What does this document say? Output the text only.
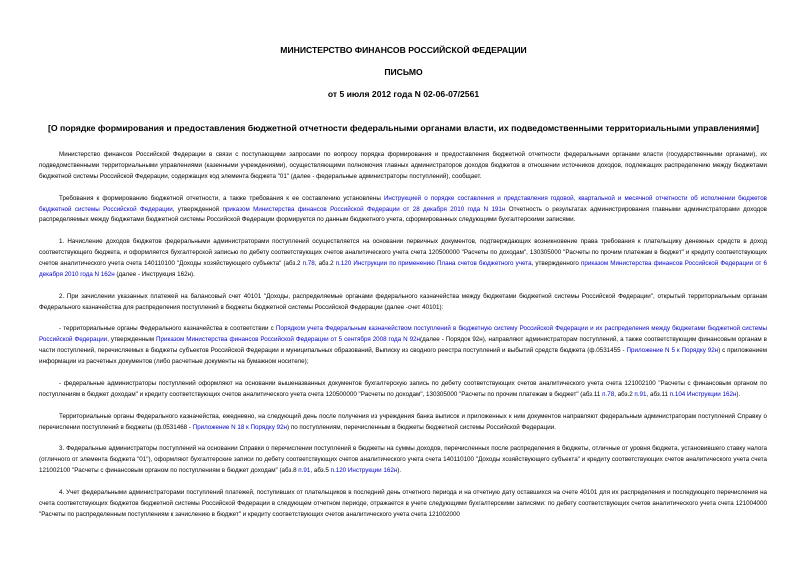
МИНИСТЕРСТВО ФИНАНСОВ РОССИЙСКОЙ ФЕДЕРАЦИИ
ПИСЬМО
от 5 июля 2012 года N 02-06-07/2561
[О порядке формирования и предоставления бюджетной отчетности федеральными органами власти, их подведомственными территориальными управлениями]

Министерство финансов Российской Федерации в связи с поступающими запросами по вопросу порядка формирования и предоставления бюджетной отчетности федеральными органами власти (государственными органами), их подведомственными территориальными управлениями (казенными учреждениями), осуществляющими полномочия главных администраторов доходов бюджетов в отношении источников доходов, подлежащих распределению между бюджетами бюджетной системы Российской Федерации, содержащих код элемента бюджета "01" (далее - федеральные администраторы поступлений), сообщает.

Требования к формированию бюджетной отчетности, а также требования к ее составлению установлены Инструкцией о порядке составления и представления годовой, квартальной и месячной отчетности об исполнении бюджетов бюджетной системы Российской Федерации, утвержденной приказом Министерства финансов Российской Федерации от 28 декабря 2010 года N 191н Отчетность о результатах администрирования главными администраторами доходов распределяемых между бюджетами бюджетной системы Российской Федерации формируется по данным бюджетного учета, сформированных следующими бухгалтерскими записями.

1. Начисление доходов бюджетов федеральными администраторами поступлений осуществляется на основании первичных документов, подтверждающих возникновение права требования к плательщику денежных средств в доход соответствующего бюджета, и оформляется бухгалтерской записью по дебету соответствующих счетов аналитического учета счета 120500000 "Расчеты по доходам", 130305000 "Расчеты по прочим платежам в бюджет" и кредиту соответствующих счетов аналитического учета счета 140110100 "Доходы хозяйствующего субъекта" (абз.2 п.78, абз.2 п.120 Инструкции по применению Плана счетов бюджетного учета, утвержденного приказом Министерства финансов Российской Федерации от 6 декабря 2010 года N 162н (далее - Инструкция 162н).

2. При зачислении указанных платежей на балансовый счет 40101 "Доходы, распределяемые органами федерального казначейства между бюджетами бюджетной системы Российской Федерации", открытый территориальным органам Федерального казначейства для распределения поступлений в бюджеты бюджетной системы Российской Федерации (далее -счет 40101):

- территориальные органы Федерального казначейства в соответствии с Порядком учета Федеральным казначейством поступлений в бюджетную систему Российской Федерации и их распределения между бюджетами бюджетной системы Российской Федерации, утвержденным Приказом Министерства финансов Российской Федерации от 5 сентября 2008 года N 92н(далее - Порядок 92н), направляют администраторам поступлений, а также соответствующим финансовым органам в части поступлений, перечисляемых в бюджеты субъектов Российской Федерации и муниципальных образований, Выписку из сводного реестра поступлений и выбытий средств бюджета (ф.0531455 - Приложение N 5 к Порядку 92н) с приложением информации из расчетных документов (либо расчетные документы на бумажном носителе);

- федеральные администраторы поступлений оформляют на основании вышеназванных документов бухгалтерскую запись по дебету соответствующих счетов аналитического учета счета 121002100 "Расчеты с финансовым органом по поступлениям в бюджет доходам" и кредиту соответствующих счетов аналитического учета счета 120500000 "Расчеты по доходам", 130305000 "Расчеты по прочим платежам в бюджет" (абз.11 п.78, абз.2 п.91, абз.11 п.104 Инструкции 162н).

Территориальные органы Федерального казначейства, ежедневно, на следующий день после получения из учреждения банка выписок и приложенных к ним документов направляют федеральным администраторам поступлений Справку о перечислении поступлений в бюджеты (ф.0531468 - Приложение N 18 к Порядку 92н) по поступлениям, перечисленным в бюджеты бюджетной системы Российской Федерации.

3. Федеральные администраторы поступлений на основании Справки о перечислении поступлений в бюджеты на суммы доходов, перечисленных после распределения в бюджеты, отличные от уровня бюджета, установившего ставку налога (отличного от элемента бюджета "01"), оформляют бухгалтерские записи по дебету соответствующих счетов аналитического учета счета 140110100 "Доходы хозяйствующего субъекта" и кредиту соответствующих счетов аналитического учета счета 121002100 "Расчеты с финансовым органом по поступлениям в бюджет доходам" (абз.8 п.91, абз.5 п.120 Инструкции 162н).

4. Учет федеральными администраторами поступлений платежей, поступивших от плательщиков в последний день отчетного периода и на отчетную дату оставшихся на счете 40101 для их распределения и последующего перечисления на счета соответствующих бюджетов бюджетной системы Российской Федерации в следующем отчетном периоде, отражается в учете следующими бухгалтерскими записями: по дебету соответствующих счетов аналитического учета счета 121004000 "Расчеты по распределенным поступлениям к зачислению в бюджет" и кредиту соответствующих счетов аналитического учета счета 121002000
